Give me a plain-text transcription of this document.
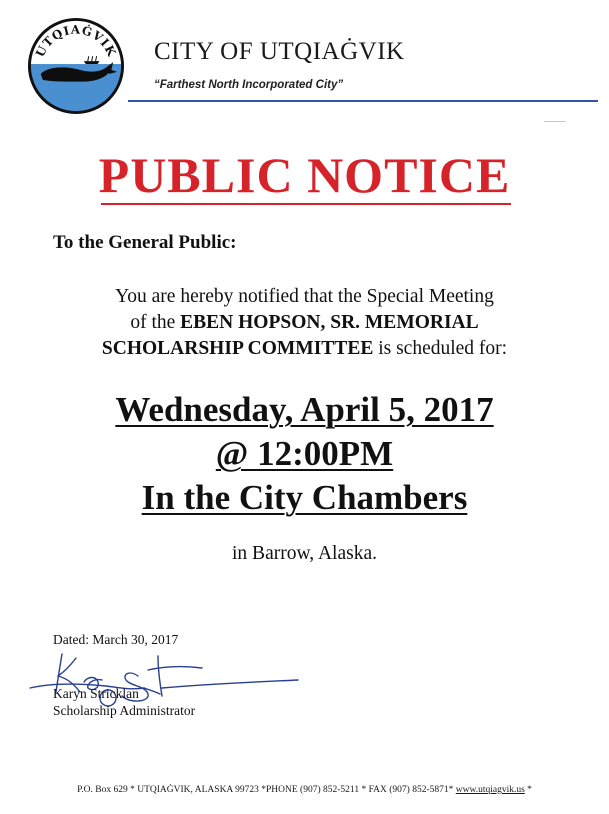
UTQIAĠVIK CITY OF UTQIAĠVIK
“Farthest North Incorporated City”
PUBLIC NOTICE
To the General Public:
You are hereby notified that the Special Meeting
of the EBEN HOPSON, SR. MEMORIAL
SCHOLARSHIP COMMITTEE is scheduled for:
Wednesday, April 5, 2017
@ 12:00PM
In the City Chambers
in Barrow, Alaska.
Dated: March 30, 2017
Karyn Stricklan
Scholarship Administrator
P.O. Box 629 * UTQIAĠVIK, ALASKA 99723 *PHONE (907) 852-5211 * FAX (907) 852-5871* www.utqiagvik.us *
